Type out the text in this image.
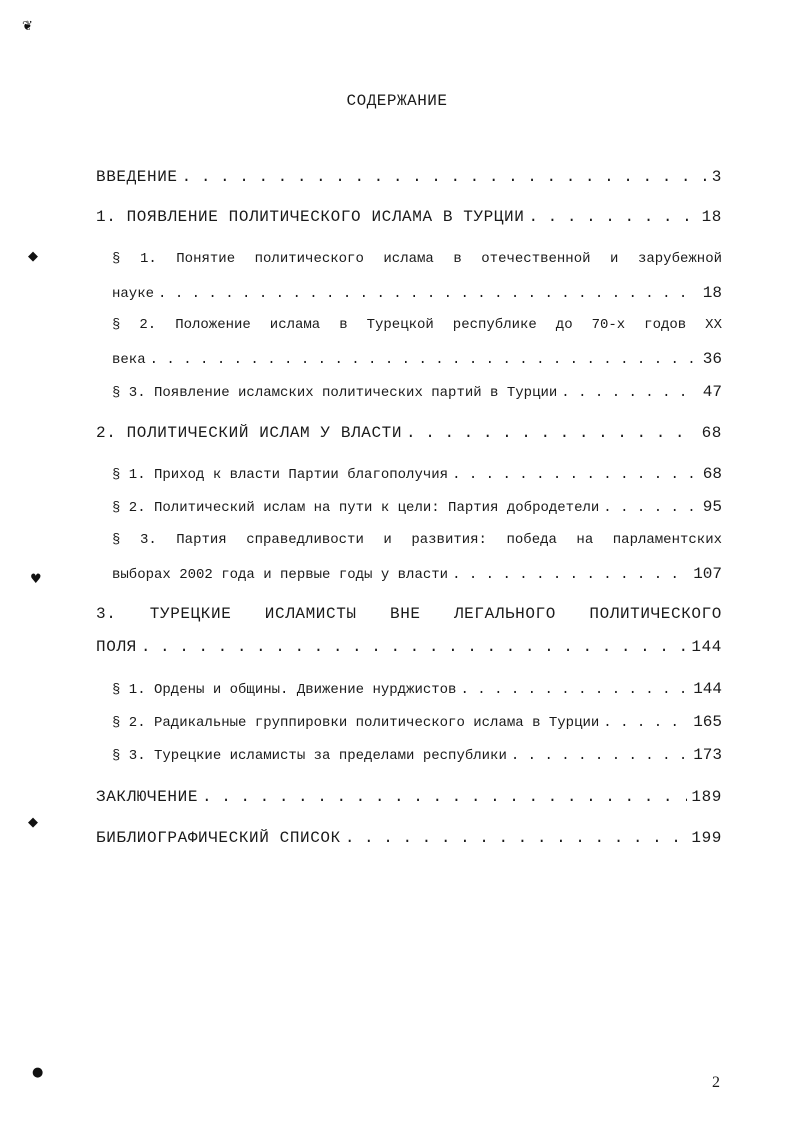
❦
◆
♥
◆
●
СОДЕРЖАНИЕ
ВВЕДЕНИЕ . . .	3
1. ПОЯВЛЕНИЕ ПОЛИТИЧЕСКОГО ИСЛАМА В ТУРЦИИ . . .	18
§ 1. Понятие политического ислама в отечественной и зарубежной
науке . . .	18
§ 2. Положение ислама в Турецкой республике до 70-х годов XX
века . . .	36
§ 3. Появление исламских политических партий в Турции . . .	47
2. ПОЛИТИЧЕСКИЙ ИСЛАМ У ВЛАСТИ . . .	68
§ 1. Приход к власти Партии благополучия . . .	68
§ 2. Политический ислам на пути к цели: Партия добродетели . . .	95
§ 3. Партия справедливости и развития: победа на парламентских
выборах 2002 года и первые годы у власти . . .	107
3. ТУРЕЦКИЕ ИСЛАМИСТЫ ВНЕ ЛЕГАЛЬНОГО ПОЛИТИЧЕСКОГО
ПОЛЯ . . .	144
§ 1. Ордены и общины. Движение нурджистов . . .	144
§ 2. Радикальные группировки политического ислама в Турции . . .	165
§ 3. Турецкие исламисты за пределами республики . . .	173
ЗАКЛЮЧЕНИЕ . . .	189
БИБЛИОГРАФИЧЕСКИЙ СПИСОК . . .	199
2
